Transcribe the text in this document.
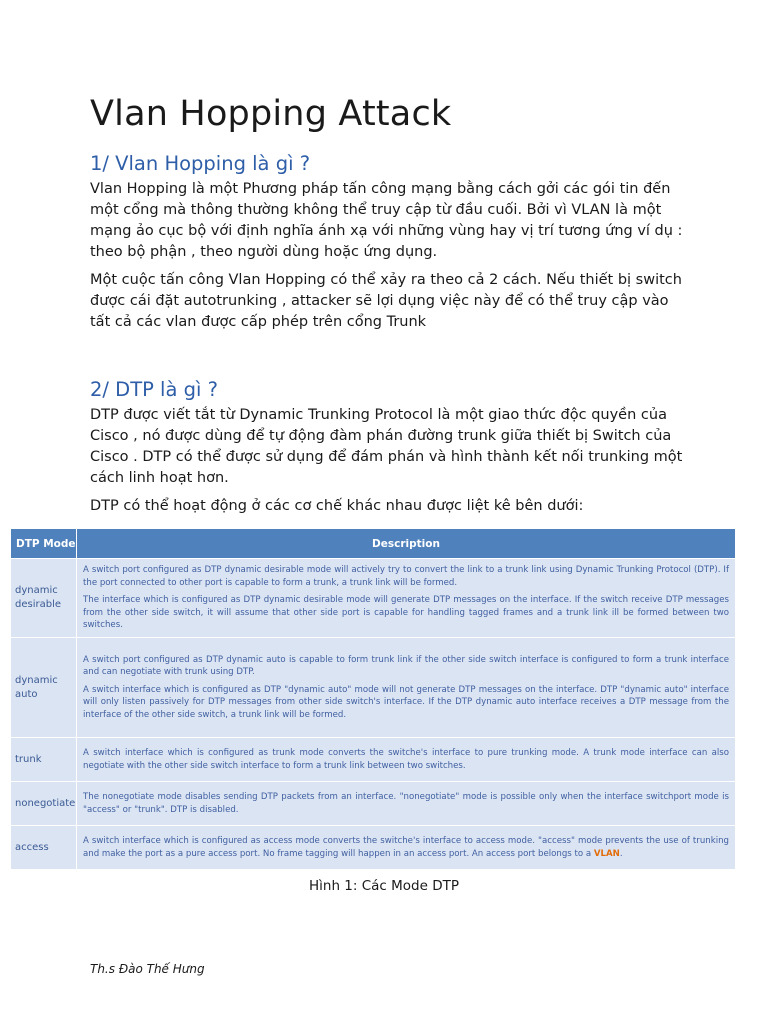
Vlan Hopping Attack
1/ Vlan Hopping là gì ?

Vlan Hopping là một Phương pháp tấn công mạng bằng cách gởi các gói tin đến một cổng mà thông thường không thể truy cập từ đầu cuối. Bởi vì VLAN là một mạng ảo cục bộ với định nghĩa ánh xạ với những vùng hay vị trí tương ứng ví dụ : theo bộ phận , theo người dùng hoặc ứng dụng.

Một cuộc tấn công Vlan Hopping có thể xảy ra theo cả 2 cách. Nếu thiết bị switch được cái đặt autotrunking , attacker sẽ lợi dụng việc này để có thể truy cập vào tất cả các vlan được cấp phép trên cổng Trunk

2/ DTP là gì ?

DTP được viết tắt từ Dynamic Trunking Protocol là một giao thức độc quyền của Cisco , nó được dùng để tự động đàm phán đường trunk giữa thiết bị Switch của Cisco . DTP có thể được sử dụng để đám phán và hình thành kết nối trunking một cách linh hoạt hơn.

DTP có thể hoạt động ở các cơ chế khác nhau được liệt kê bên dưới:

DTP Mode	Description
dynamic desirable	A switch port configured as DTP dynamic desirable mode will actively try to convert the link to a trunk link using Dynamic Trunking Protocol (DTP). If the port connected to other port is capable to form a trunk, a trunk link will be formed.

The interface which is configured as DTP dynamic desirable mode will generate DTP messages on the interface. If the switch receive DTP messages from the other side switch, it will assume that other side port is capable for handling tagged frames and a trunk link ill be formed between two switches.

dynamic auto	A switch port configured as DTP dynamic auto is capable to form trunk link if the other side switch interface is configured to form a trunk interface and can negotiate with trunk using DTP.

A switch interface which is configured as DTP "dynamic auto" mode will not generate DTP messages on the interface. DTP "dynamic auto" interface will only listen passively for DTP messages from other side switch's interface. If the DTP dynamic auto interface receives a DTP message from the interface of the other side switch, a trunk link will be formed.

trunk	A switch interface which is configured as trunk mode converts the switche's interface to pure trunking mode. A trunk mode interface can also negotiate with the other side switch interface to form a trunk link between two switches.

nonegotiate	The nonegotiate mode disables sending DTP packets from an interface. "nonegotiate" mode is possible only when the interface switchport mode is "access" or "trunk". DTP is disabled.

access	A switch interface which is configured as access mode converts the switche's interface to access mode. "access" mode prevents the use of trunking and make the port as a pure access port. No frame tagging will happen in an access port. An access port belongs to a VLAN.

Hình 1: Các Mode DTP
Th.s Đào Thế Hưng
